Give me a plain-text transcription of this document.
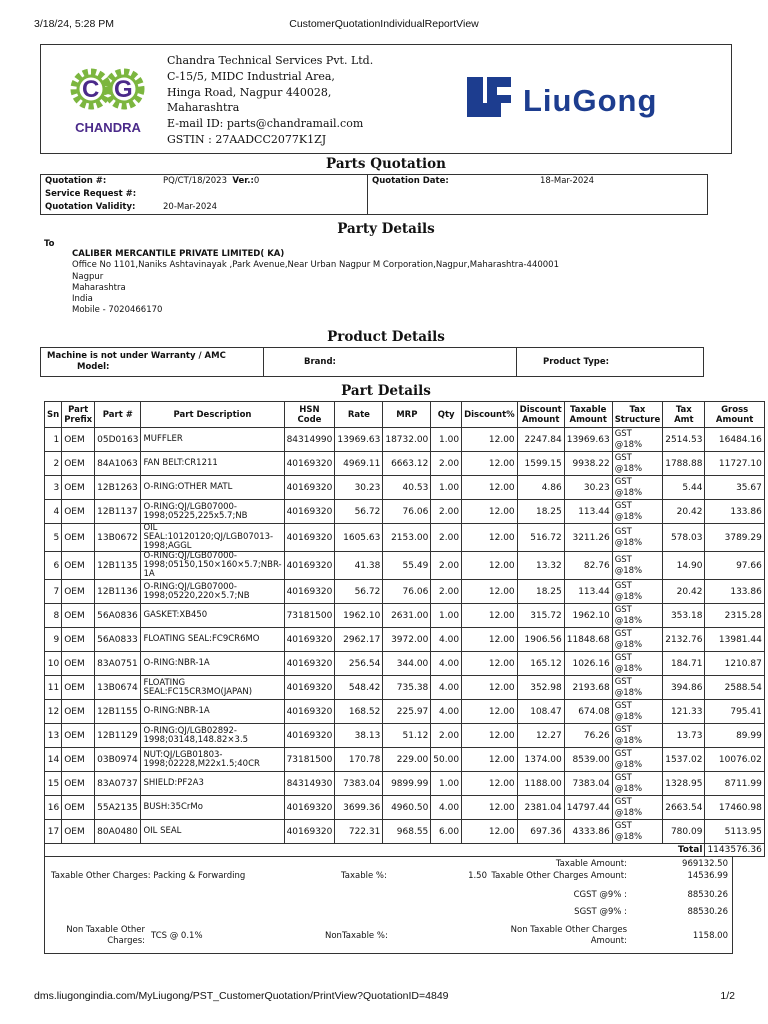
3/18/24, 5:28 PM	CustomerQuotationIndividualReportView
C G
CHANDRA
Chandra Technical Services Pvt. Ltd.
C-15/5, MIDC Industrial Area,
Hinga Road, Nagpur 440028,
Maharashtra
E-mail ID: parts@chandramail.com
GSTIN : 27AADCC2077K1ZJ
LiuGong
Parts Quotation
Quotation #:	PQ/CT/18/2023 Ver.:0	Quotation Date:	18-Mar-2024
Service Request #:			
Quotation Validity:	20-Mar-2024		
Party Details
To
CALIBER MERCANTILE PRIVATE LIMITED( KA)
Office No 1101,Naniks Ashtavinayak ,Park Avenue,Near Urban Nagpur M Corporation,Nagpur,Maharashtra-440001
Nagpur
Maharashtra
India
Mobile - 7020466170
Product Details
Machine is not under Warranty / AMC
Model:	Brand:	Product Type:
Part Details
Sn	Part Prefix	Part #	Part Description	HSN Code	Rate	MRP	Qty	Discount%	Discount Amount	Taxable Amount	Tax Structure	Tax Amt	Gross Amount
1	OEM	05D0163	MUFFLER	84314990	13969.63	18732.00	1.00	12.00	2247.84	13969.63	GST @18%	2514.53	16484.16
2	OEM	84A1063	FAN BELT:CR1211	40169320	4969.11	6663.12	2.00	12.00	1599.15	9938.22	GST @18%	1788.88	11727.10
3	OEM	12B1263	O-RING:OTHER MATL	40169320	30.23	40.53	1.00	12.00	4.86	30.23	GST @18%	5.44	35.67
4	OEM	12B1137	O-RING:QJ/LGB07000-1998;05225,225x5.7;NB	40169320	56.72	76.06	2.00	12.00	18.25	113.44	GST @18%	20.42	133.86
5	OEM	13B0672	OIL SEAL:10120120;QJ/LGB07013-1998;AGGL	40169320	1605.63	2153.00	2.00	12.00	516.72	3211.26	GST @18%	578.03	3789.29
6	OEM	12B1135	O-RING:QJ/LGB07000-1998;05150,150×160×5.7;NBR-1A	40169320	41.38	55.49	2.00	12.00	13.32	82.76	GST @18%	14.90	97.66
7	OEM	12B1136	O-RING:QJ/LGB07000-1998;05220,220×5.7;NB	40169320	56.72	76.06	2.00	12.00	18.25	113.44	GST @18%	20.42	133.86
8	OEM	56A0836	GASKET:XB450	73181500	1962.10	2631.00	1.00	12.00	315.72	1962.10	GST @18%	353.18	2315.28
9	OEM	56A0833	FLOATING SEAL:FC9CR6MO	40169320	2962.17	3972.00	4.00	12.00	1906.56	11848.68	GST @18%	2132.76	13981.44
10	OEM	83A0751	O-RING:NBR-1A	40169320	256.54	344.00	4.00	12.00	165.12	1026.16	GST @18%	184.71	1210.87
11	OEM	13B0674	FLOATING SEAL:FC15CR3MO(JAPAN)	40169320	548.42	735.38	4.00	12.00	352.98	2193.68	GST @18%	394.86	2588.54
12	OEM	12B1155	O-RING:NBR-1A	40169320	168.52	225.97	4.00	12.00	108.47	674.08	GST @18%	121.33	795.41
13	OEM	12B1129	O-RING:QJ/LGB02892-1998;03148,148.82×3.5	40169320	38.13	51.12	2.00	12.00	12.27	76.26	GST @18%	13.73	89.99
14	OEM	03B0974	NUT:QJ/LGB01803-1998;02228,M22x1.5;40CR	73181500	170.78	229.00	50.00	12.00	1374.00	8539.00	GST @18%	1537.02	10076.02
15	OEM	83A0737	SHIELD:PF2A3	84314930	7383.04	9899.99	1.00	12.00	1188.00	7383.04	GST @18%	1328.95	8711.99
16	OEM	55A2135	BUSH:35CrMo	40169320	3699.36	4960.50	4.00	12.00	2381.04	14797.44	GST @18%	2663.54	17460.98
17	OEM	80A0480	OIL SEAL	40169320	722.31	968.55	6.00	12.00	697.36	4333.86	GST @18%	780.09	5113.95
Total													1143576.36
Taxable Amount:	969132.50
Taxable Other Charges: Packing & Forwarding	Taxable %:	1.50 Taxable Other Charges Amount:	14536.99
CGST @9% :	88530.26
SGST @9% :	88530.26
Non Taxable Other Charges: TCS @ 0.1%	NonTaxable %:
Non Taxable Other Charges Amount:	1158.00
dms.liugongindia.com/MyLiugong/PST_CustomerQuotation/PrintView?QuotationID=4849	1/2
